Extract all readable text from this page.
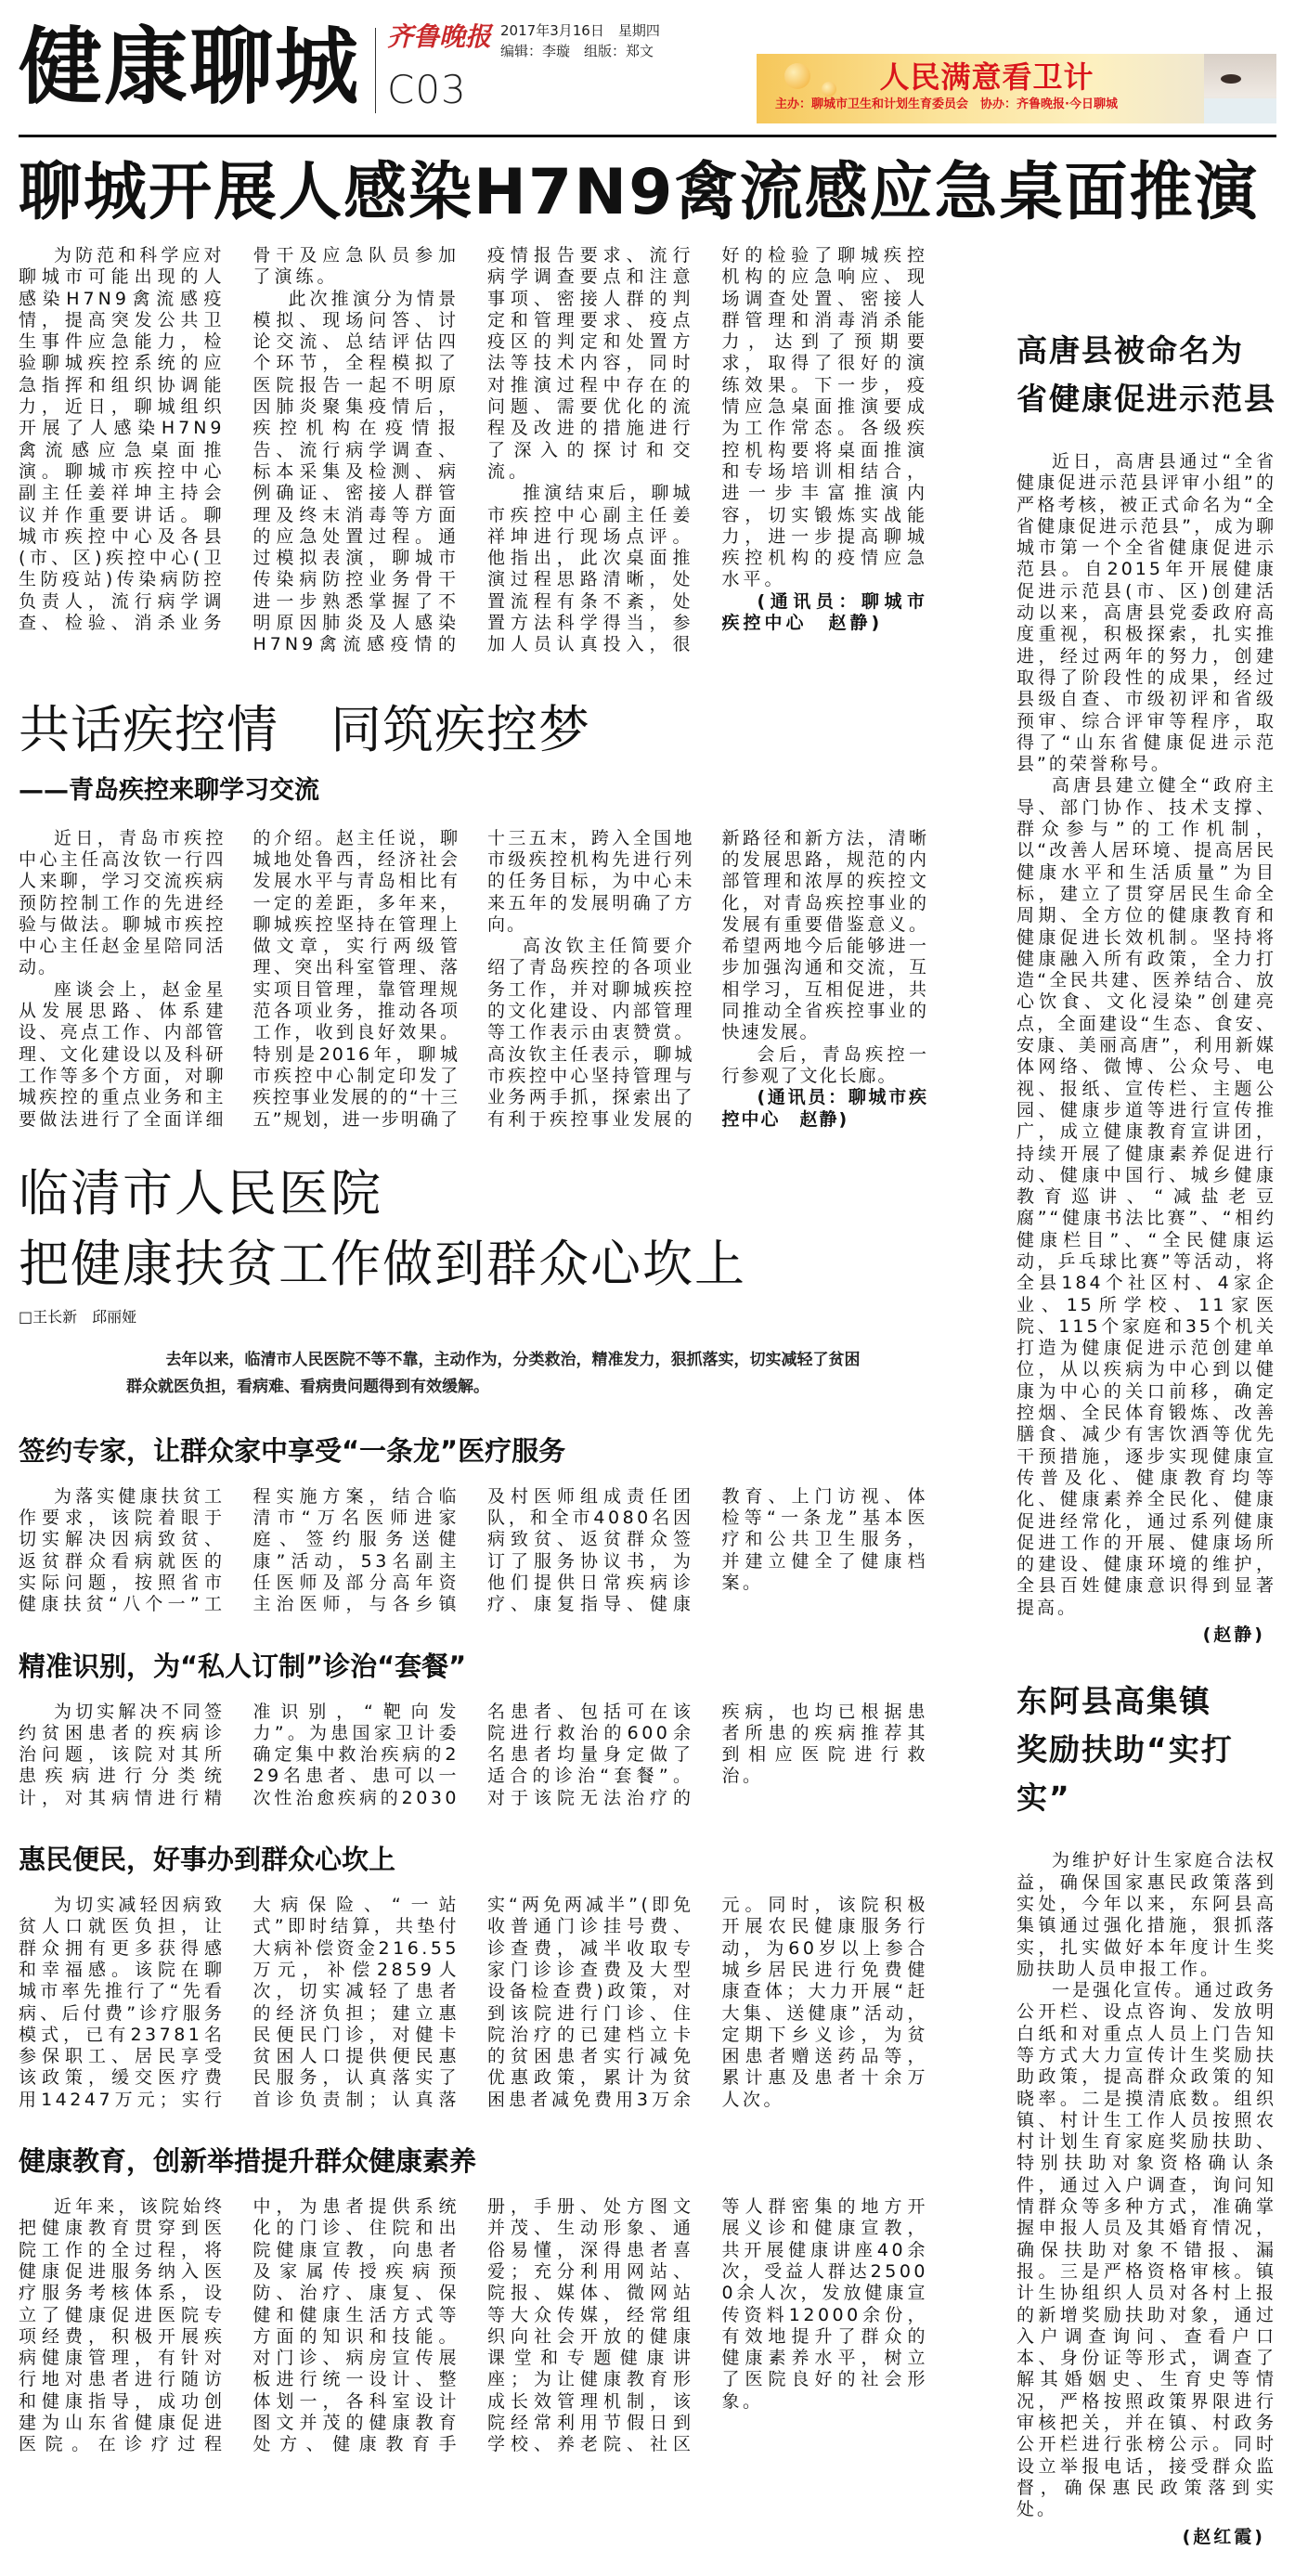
健康聊城 齐鲁晚报 2017年3月16日　星期四
编辑：李璇　组版：郑文
C03	人民满意看卫计
主办：聊城市卫生和计划生育委员会　协办：齐鲁晚报·今日聊城
聊城开展人感染H7N9禽流感应急桌面推演

为防范和科学应对聊城市可能出现的人感染H7N9禽流感疫情，提高突发公共卫生事件应急能力，检验聊城疾控系统的应急指挥和组织协调能力，近日，聊城组织开展了人感染H7N9禽流感应急桌面推演。聊城市疾控中心副主任姜祥坤主持会议并作重要讲话。聊城市疾控中心及各县(市、区)疾控中心(卫生防疫站)传染病防控负责人，流行病学调查、检验、消杀业务骨干及应急队员参加了演练。

此次推演分为情景模拟、现场问答、讨论交流、总结评估四个环节，全程模拟了医院报告一起不明原因肺炎聚集疫情后，疾控机构在疫情报告、流行病学调查、标本采集及检测、病例确证、密接人群管理及终末消毒等方面的应急处置过程。通过模拟表演，聊城市传染病防控业务骨干进一步熟悉掌握了不明原因肺炎及人感染H7N9禽流感疫情的疫情报告要求、流行病学调查要点和注意事项、密接人群的判定和管理要求、疫点疫区的判定和处置方法等技术内容，同时对推演过程中存在的问题、需要优化的流程及改进的措施进行了深入的探讨和交流。

推演结束后，聊城市疾控中心副主任姜祥坤进行现场点评。他指出，此次桌面推演过程思路清晰，处置流程有条不紊，处置方法科学得当，参加人员认真投入，很好的检验了聊城疾控机构的应急响应、现场调查处置、密接人群管理和消毒消杀能力，达到了预期要求，取得了很好的演练效果。下一步，疫情应急桌面推演要成为工作常态。各级疾控机构要将桌面推演和专场培训相结合，进一步丰富推演内容，切实锻炼实战能力，进一步提高聊城疾控机构的疫情应急水平。

(通讯员：聊城市疾控中心　赵静)

共话疾控情　同筑疾控梦
——青岛疾控来聊学习交流

近日，青岛市疾控中心主任高汝钦一行四人来聊，学习交流疾病预防控制工作的先进经验与做法。聊城市疾控中心主任赵金星陪同活动。

座谈会上，赵金星从发展思路、体系建设、亮点工作、内部管理、文化建设以及科研工作等多个方面，对聊城疾控的重点业务和主要做法进行了全面详细的介绍。赵主任说，聊城地处鲁西，经济社会发展水平与青岛相比有一定的差距，多年来，聊城疾控坚持在管理上做文章，实行两级管理、突出科室管理、落实项目管理，靠管理规范各项业务，推动各项工作，收到良好效果。特别是2016年，聊城市疾控中心制定印发了疾控事业发展的的“十三五”规划，进一步明确了十三五末，跨入全国地市级疾控机构先进行列的任务目标，为中心未来五年的发展明确了方向。

高汝钦主任简要介绍了青岛疾控的各项业务工作，并对聊城疾控的文化建设、内部管理等工作表示由衷赞赏。高汝钦主任表示，聊城市疾控中心坚持管理与业务两手抓，探索出了有利于疾控事业发展的新路径和新方法，清晰的发展思路，规范的内部管理和浓厚的疾控文化，对青岛疾控事业的发展有重要借鉴意义。希望两地今后能够进一步加强沟通和交流，互相学习，互相促进，共同推动全省疾控事业的快速发展。

会后，青岛疾控一行参观了文化长廊。

(通讯员：聊城市疾控中心　赵静)

临清市人民医院
把健康扶贫工作做到群众心坎上
□王长新　邱丽娅
去年以来，临清市人民医院不等不靠，主动作为，分类救治，精准发力，狠抓落实，切实减轻了贫困群众就医负担，看病难、看病贵问题得到有效缓解。
签约专家，让群众家中享受“一条龙”医疗服务

为落实健康扶贫工作要求，该院着眼于切实解决因病致贫、返贫群众看病就医的实际问题，按照省市健康扶贫“八个一”工程实施方案，结合临清市“万名医师进家庭、签约服务送健康”活动，53名副主任医师及部分高年资主治医师，与各乡镇及村医师组成责任团队，和全市4080名因病致贫、返贫群众签订了服务协议书，为他们提供日常疾病诊疗、康复指导、健康教育、上门访视、体检等“一条龙”基本医疗和公共卫生服务，并建立健全了健康档案。

精准识别，为“私人订制”诊治“套餐”

为切实解决不同签约贫困患者的疾病诊治问题，该院对其所患疾病进行分类统计，对其病情进行精准识别，“靶向发力”。为患国家卫计委确定集中救治疾病的229名患者、患可以一次性治愈疾病的2030名患者、包括可在该院进行救治的600余名患者均量身定做了适合的诊治“套餐”。对于该院无法治疗的疾病，也均已根据患者所患的疾病推荐其到相应医院进行救治。

惠民便民，好事办到群众心坎上

为切实减轻因病致贫人口就医负担，让群众拥有更多获得感和幸福感。该院在聊城市率先推行了“先看病、后付费”诊疗服务模式，已有23781名参保职工、居民享受该政策，缓交医疗费用14247万元；实行大病保险、“一站式”即时结算，共垫付大病补偿资金216.55万元，补偿2859人次，切实减轻了患者的经济负担；建立惠民便民门诊，对健卡贫困人口提供便民惠民服务，认真落实了首诊负责制；认真落实“两免两减半”(即免收普通门诊挂号费、诊查费，减半收取专家门诊诊查费及大型设备检查费)政策，对到该院进行门诊、住院治疗的已建档立卡的贫困患者实行减免优惠政策，累计为贫困患者减免费用3万余元。同时，该院积极开展农民健康服务行动，为60岁以上参合城乡居民进行免费健康查体；大力开展“赶大集、送健康”活动，定期下乡义诊，为贫困患者赠送药品等，累计惠及患者十余万人次。

健康教育，创新举措提升群众健康素养

近年来，该院始终把健康教育贯穿到医院工作的全过程，将健康促进服务纳入医疗服务考核体系，设立了健康促进医院专项经费，积极开展疾病健康管理，有针对行地对患者进行随访和健康指导，成功创建为山东省健康促进医院。在诊疗过程中，为患者提供系统化的门诊、住院和出院健康宣教，向患者及家属传授疾病预防、治疗、康复、保健和健康生活方式等方面的知识和技能。对门诊、病房宣传展板进行统一设计、整体划一，各科室设计图文并茂的健康教育处方、健康教育手册，手册、处方图文并茂、生动形象、通俗易懂，深得患者喜爱；充分利用网站、院报、媒体、微网站等大众传媒，经常组织向社会开放的健康课堂和专题健康讲座；为让健康教育形成长效管理机制，该院经常利用节假日到学校、养老院、社区等人群密集的地方开展义诊和健康宣教，共开展健康讲座40余次，受益人群达25000余人次，发放健康宣传资料12000余份，有效地提升了群众的健康素养水平，树立了医院良好的社会形象。

高唐县被命名为
省健康促进示范县

近日，高唐县通过“全省健康促进示范县评审小组”的严格考核，被正式命名为“全省健康促进示范县”，成为聊城市第一个全省健康促进示范县。自2015年开展健康促进示范县(市、区)创建活动以来，高唐县党委政府高度重视，积极探索，扎实推进，经过两年的努力，创建取得了阶段性的成果，经过县级自查、市级初评和省级预审、综合评审等程序，取得了“山东省健康促进示范县”的荣誉称号。

高唐县建立健全“政府主导、部门协作、技术支撑、群众参与”的工作机制，以“改善人居环境、提高居民健康水平和生活质量”为目标，建立了贯穿居民生命全周期、全方位的健康教育和健康促进长效机制。坚持将健康融入所有政策，全力打造“全民共建、医养结合、放心饮食、文化浸染”创建亮点，全面建设“生态、食安、安康、美丽高唐”，利用新媒体网络、微博、公众号、电视、报纸、宣传栏、主题公园、健康步道等进行宣传推广，成立健康教育宣讲团，持续开展了健康素养促进行动、健康中国行、城乡健康教育巡讲、“减盐老豆腐”“健康书法比赛”、“相约健康栏目”、“全民健康运动，乒乓球比赛”等活动，将全县184个社区村、4家企业、15所学校、11家医院、115个家庭和35个机关打造为健康促进示范创建单位，从以疾病为中心到以健康为中心的关口前移，确定控烟、全民体育锻炼、改善膳食、减少有害饮酒等优先干预措施，逐步实现健康宣传普及化、健康教育均等化、健康素养全民化、健康促进经常化，通过系列健康促进工作的开展、健康场所的建设、健康环境的维护，全县百姓健康意识得到显著提高。

(赵静)

东阿县高集镇
奖励扶助“实打实”

为维护好计生家庭合法权益，确保国家惠民政策落到实处，今年以来，东阿县高集镇通过强化措施，狠抓落实，扎实做好本年度计生奖励扶助人员申报工作。

一是强化宣传。通过政务公开栏、设点咨询、发放明白纸和对重点人员上门告知等方式大力宣传计生奖励扶助政策，提高群众政策的知晓率。二是摸清底数。组织镇、村计生工作人员按照农村计划生育家庭奖励扶助、特别扶助对象资格确认条件，通过入户调查，询问知情群众等多种方式，准确掌握申报人员及其婚育情况，确保扶助对象不错报、漏报。三是严格资格审核。镇计生协组织人员对各村上报的新增奖励扶助对象，通过入户调查询问、查看户口本、身份证等形式，调查了解其婚姻史、生育史等情况，严格按照政策界限进行审核把关，并在镇、村政务公开栏进行张榜公示。同时设立举报电话，接受群众监督，确保惠民政策落到实处。

(赵红霞)
